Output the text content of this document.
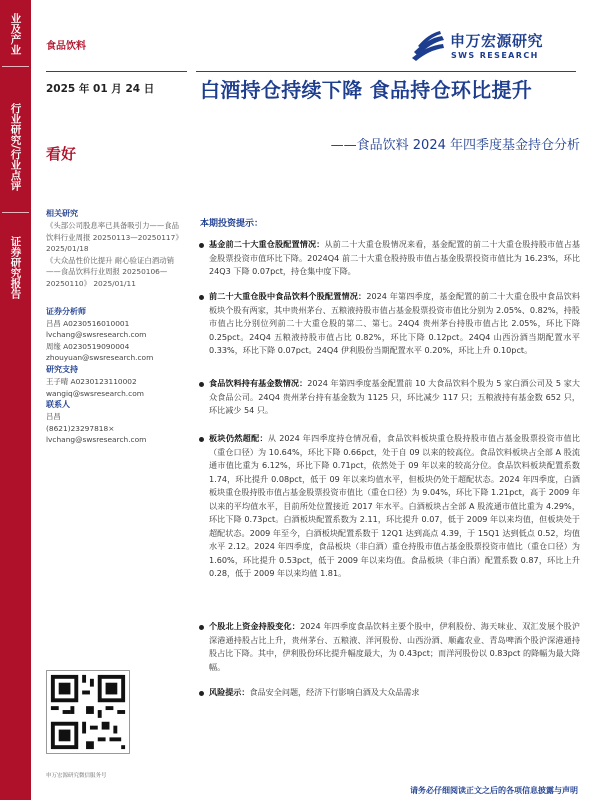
业及产业
行业研究/行业点评
证券研究报告
食品饮料	申万宏源研究
SWS RESEARCH
2025 年 01 月 24 日
看好
白酒持仓持续下降 食品持仓环比提升
——食品饮料 2024 年四季度基金持仓分析
相关研究
《头部公司股息率已具备吸引力——食品饮料行业周报 20250113—20250117》 2025/01/18
《大众品性价比提升 耐心验证白酒动销——食品饮料行业周报 20250106—20250110》 2025/01/11
证券分析师
吕昌 A0230516010001
lvchang@swsresearch.com
周缘 A0230519090004
zhouyuan@swsresearch.com
研究支持
王子晴 A0230123110002
wangiq@swsresearch.com
联系人
吕昌
(8621)23297818×
lvchang@swsresearch.com
申万宏源研究微信服务号
本期投资提示：
基金前二十大重仓股配置情况：从前二十大重仓股情况来看，基金配置的前二十大重仓股持股市值占基金股票投资市值环比下降。2024Q4 前二十大重仓股持股市值占基金股票投资市值比为 16.23%，环比 24Q3 下降 0.07pct，持仓集中度下降。
前二十大重仓股中食品饮料个股配置情况：2024 年第四季度，基金配置的前二十大重仓股中食品饮料板块个股有两家，其中贵州茅台、五粮液持股市值占基金股票投资市值比分别为 2.05%、0.82%，持股市值占比分别位列前二十大重仓股的第二、第七。24Q4 贵州茅台持股市值占比 2.05%，环比下降 0.25pct。24Q4 五粮液持股市值占比 0.82%，环比下降 0.12pct。24Q4 山西汾酒当期配置水平 0.33%，环比下降 0.07pct。24Q4 伊利股份当期配置水平 0.20%，环比上升 0.10pct。
食品饮料持有基金数情况：2024 年第四季度基金配置前 10 大食品饮料个股为 5 家白酒公司及 5 家大众食品公司。24Q4 贵州茅台持有基金数为 1125 只，环比减少 117 只；五粮液持有基金数 652 只，环比减少 54 只。
板块仍然超配：从 2024 年四季度持仓情况看，食品饮料板块重仓股持股市值占基金股票投资市值比（重仓口径）为 10.64%，环比下降 0.66pct，处于自 09 以来的较高位。食品饮料板块占全部 A 股流通市值比重为 6.12%，环比下降 0.71pct，依然处于 09 年以来的较高分位。食品饮料板块配置系数 1.74，环比提升 0.08pct，低于 09 年以来均值水平，但板块仍处于超配状态。2024 年四季度，白酒板块重仓股持股市值占基金股票投资市值比（重仓口径）为 9.04%，环比下降 1.21pct，高于 2009 年以来的平均值水平，目前所处位置接近 2017 年水平。白酒板块占全部 A 股流通市值比重为 4.29%，环比下降 0.73pct。白酒板块配置系数为 2.11，环比提升 0.07，低于 2009 年以来均值，但板块处于超配状态。2009 年至今，白酒板块配置系数于 12Q1 达到高点 4.39，于 15Q1 达到低点 0.52，均值水平 2.12。2024 年四季度，食品板块（非白酒）重仓持股市值占基金股票投资市值比（重仓口径）为 1.60%，环比提升 0.53pct，低于 2009 年以来均值。食品板块（非白酒）配置系数 0.87，环比上升 0.28，低于 2009 年以来均值 1.81。
个股北上资金持股变化：2024 年四季度食品饮料主要个股中，伊利股份、海天味业、双汇发展个股沪深港通持股占比上升，贵州茅台、五粮液、洋河股份、山西汾酒、顺鑫农业、青岛啤酒个股沪深港通持股占比下降。其中，伊利股份环比提升幅度最大，为 0.43pct；而洋河股份以 0.83pct 的降幅为最大降幅。
风险提示：食品安全问题，经济下行影响白酒及大众品需求
请务必仔细阅读正文之后的各项信息披露与声明
